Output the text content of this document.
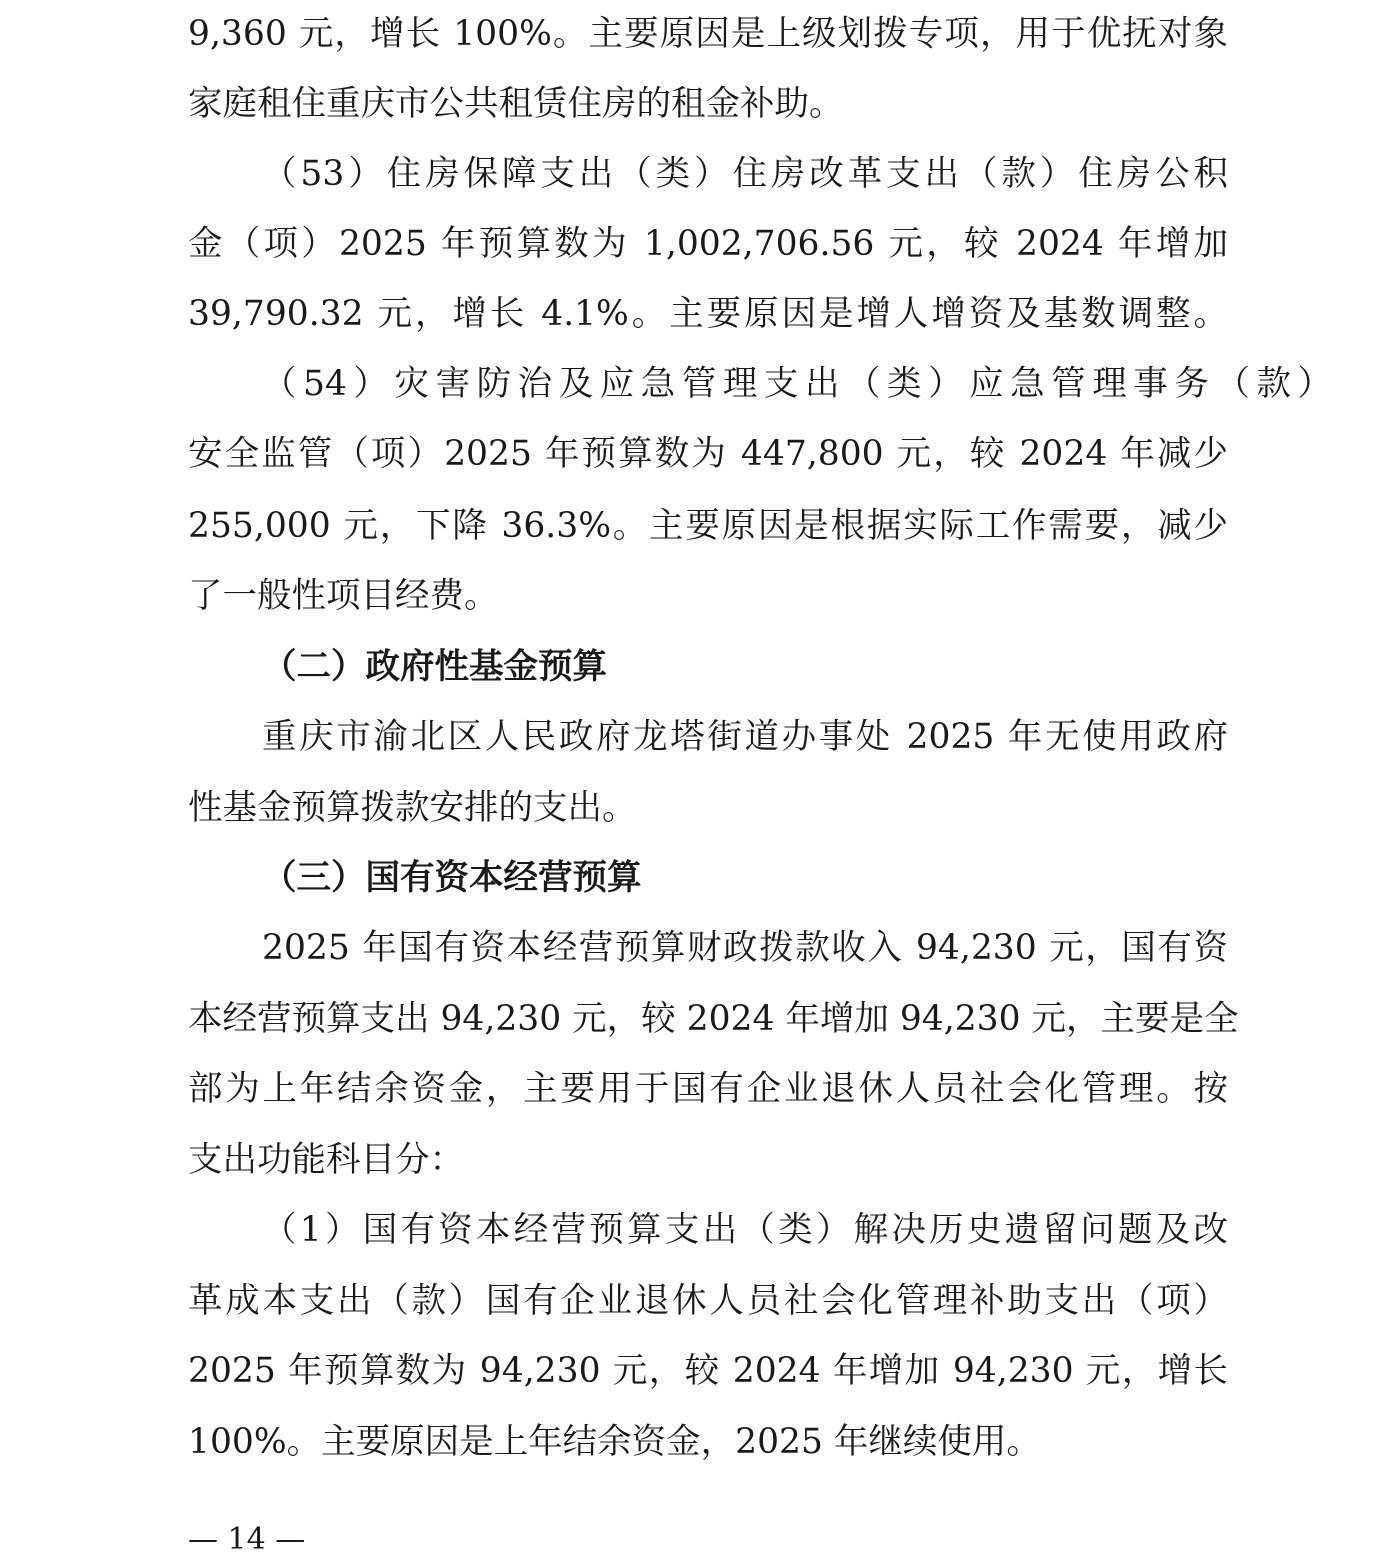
9,360 元，增长 100%。主要原因是上级划拨专项，用于优抚对象
家庭租住重庆市公共租赁住房的租金补助。
（53）住房保障支出（类）住房改革支出（款）住房公积
金（项）2025 年预算数为 1,002,706.56 元，较 2024 年增加
39,790.32 元，增长 4.1%。主要原因是增人增资及基数调整。
（54）灾害防治及应急管理支出（类）应急管理事务（款）
安全监管（项）2025 年预算数为 447,800 元，较 2024 年减少
255,000 元，下降 36.3%。主要原因是根据实际工作需要，减少
了一般性项目经费。
（二）政府性基金预算
重庆市渝北区人民政府龙塔街道办事处 2025 年无使用政府
性基金预算拨款安排的支出。
（三）国有资本经营预算
2025 年国有资本经营预算财政拨款收入 94,230 元，国有资
本经营预算支出 94,230 元，较 2024 年增加 94,230 元，主要是全
部为上年结余资金，主要用于国有企业退休人员社会化管理。按
支出功能科目分：
（1）国有资本经营预算支出（类）解决历史遗留问题及改
革成本支出（款）国有企业退休人员社会化管理补助支出（项）
2025 年预算数为 94,230 元，较 2024 年增加 94,230 元，增长
100%。主要原因是上年结余资金，2025 年继续使用。
— 14 —
